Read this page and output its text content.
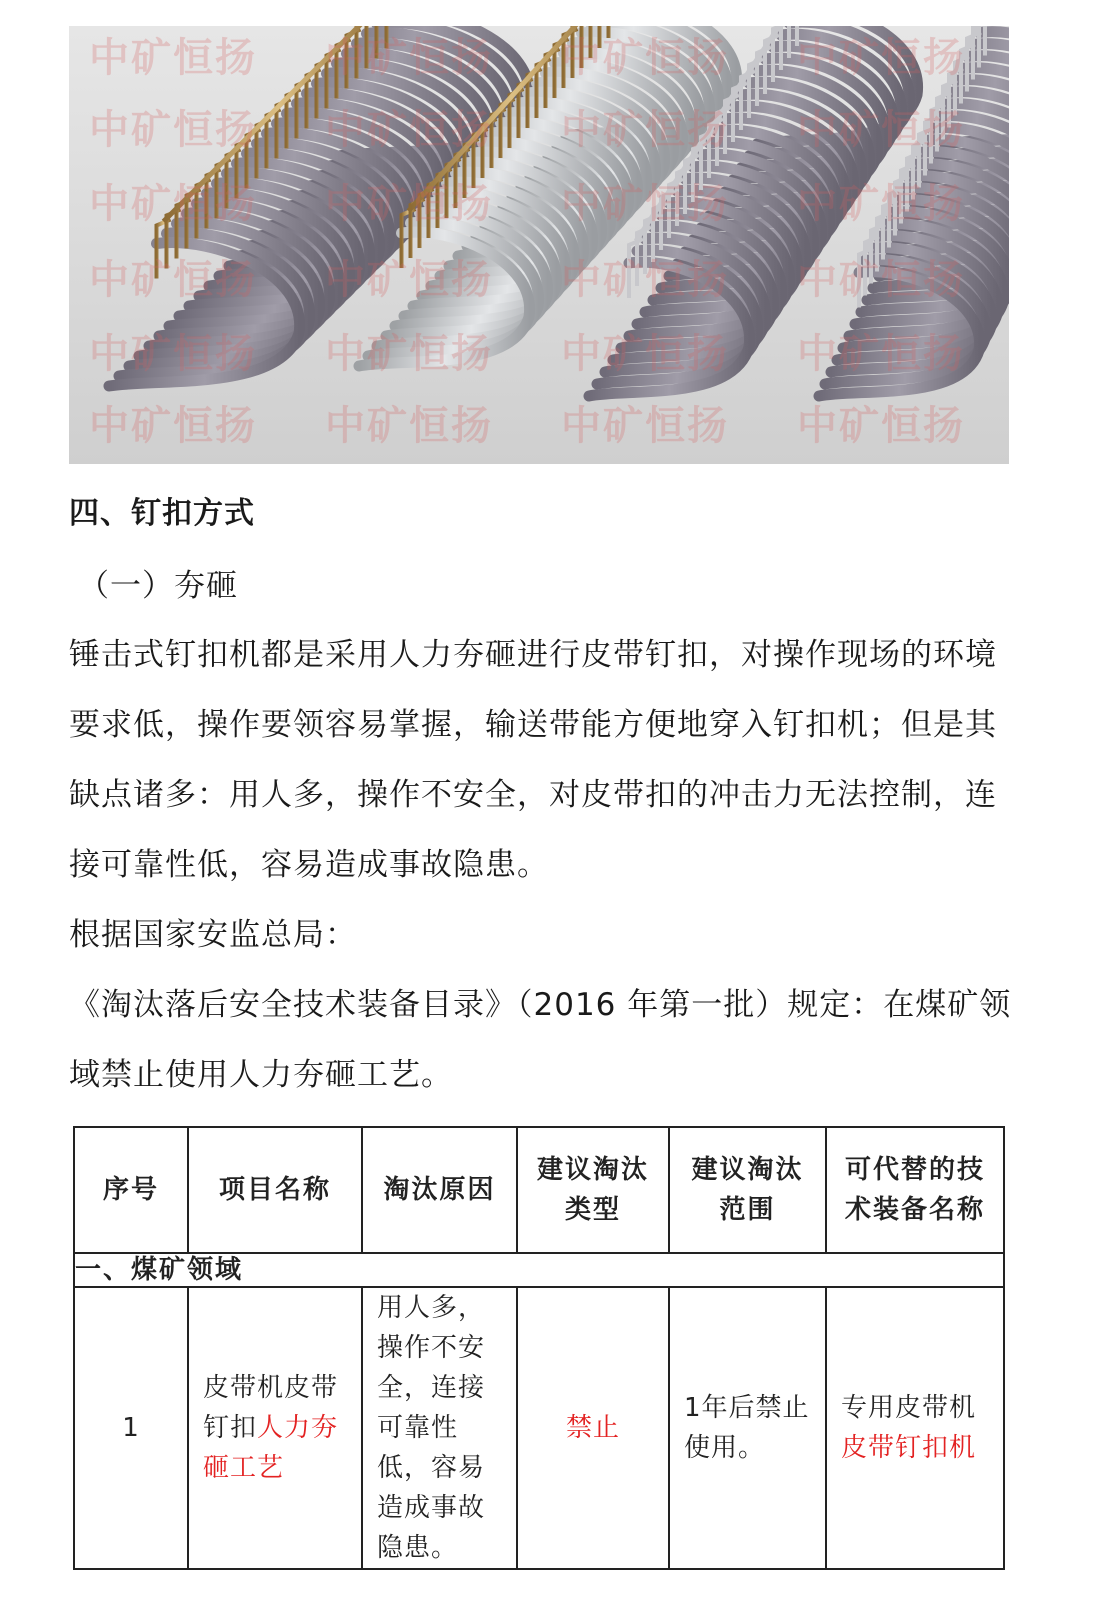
中矿恒扬 中矿恒扬 中矿恒扬 中矿恒扬
中矿恒扬 中矿恒扬 中矿恒扬 中矿恒扬
中矿恒扬 中矿恒扬 中矿恒扬 中矿恒扬
中矿恒扬 中矿恒扬 中矿恒扬 中矿恒扬
中矿恒扬 中矿恒扬 中矿恒扬 中矿恒扬
中矿恒扬 中矿恒扬 中矿恒扬 中矿恒扬
四、钉扣方式
（一）夯砸
锤击式钉扣机都是采用人力夯砸进行皮带钉扣，对操作现场的环境要求低，操作要领容易掌握，输送带能方便地穿入钉扣机；但是其缺点诸多：用人多，操作不安全，对皮带扣的冲击力无法控制，连接可靠性低，容易造成事故隐患。
根据国家安监总局：
《淘汰落后安全技术装备目录》（2016 年第一批）规定：在煤矿领域禁止使用人力夯砸工艺。
序号	项目名称	淘汰原因	建议淘汰类型	建议淘汰范围	可代替的技术装备名称
一、煤矿领域					
1	皮带机皮带钉扣人力夯砸工艺	用人多，操作不安全，连接可靠性低，容易造成事故隐患。	禁止	1年后禁止使用。	专用皮带机
皮带钉扣机
